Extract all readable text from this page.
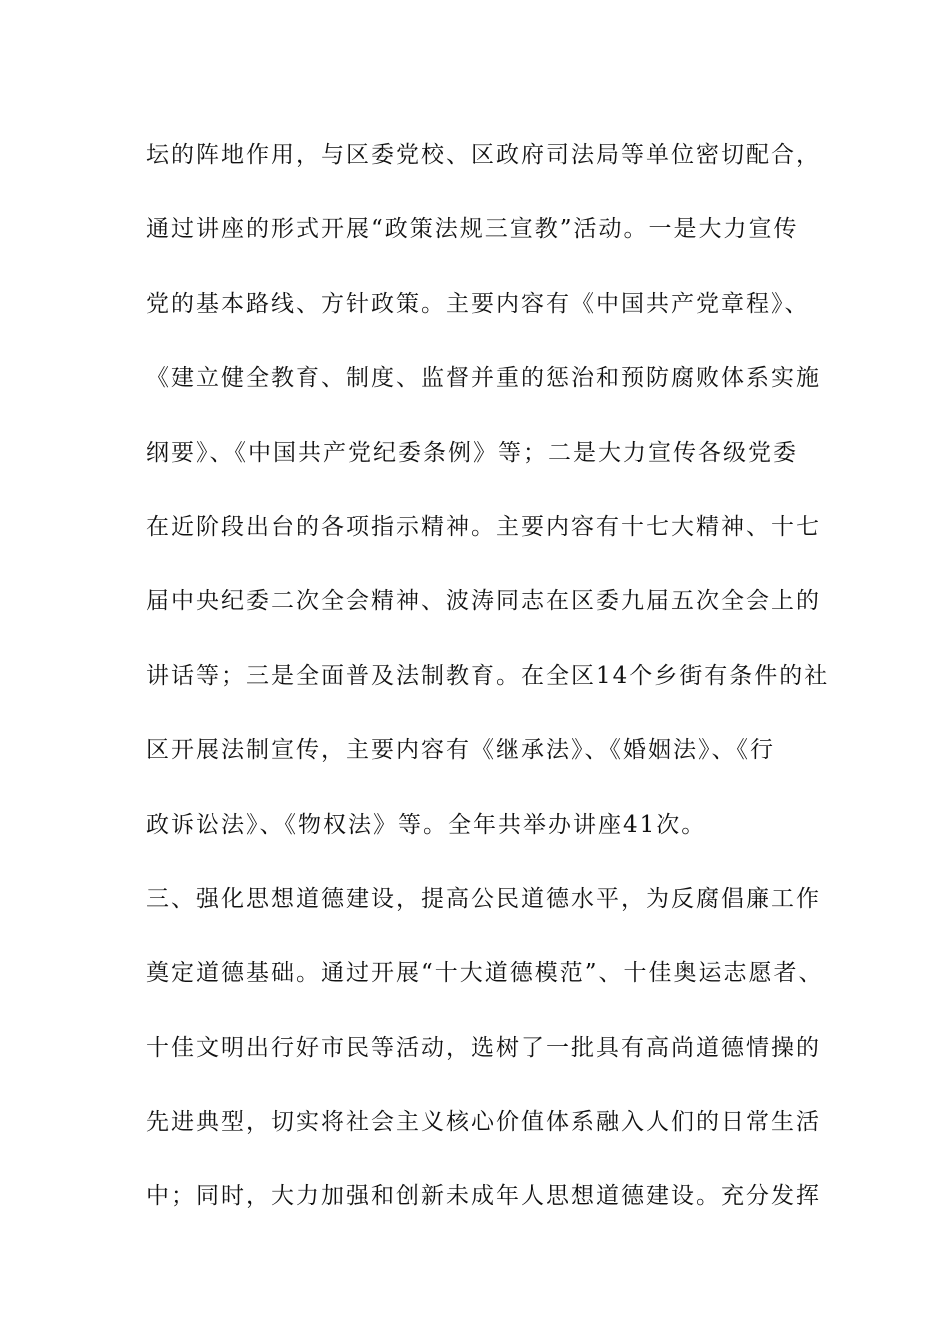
坛的阵地作用，与区委党校、区政府司法局等单位密切配合，
通过讲座的形式开展“政策法规三宣教”活动。一是大力宣传
党的基本路线、方针政策。主要内容有《中国共产党章程》、
《建立健全教育、制度、监督并重的惩治和预防腐败体系实施
纲要》、《中国共产党纪委条例》等；二是大力宣传各级党委
在近阶段出台的各项指示精神。主要内容有十七大精神、十七
届中央纪委二次全会精神、波涛同志在区委九届五次全会上的
讲话等；三是全面普及法制教育。在全区14个乡街有条件的社
区开展法制宣传，主要内容有《继承法》、《婚姻法》、《行
政诉讼法》、《物权法》等。全年共举办讲座41次。
三、强化思想道德建设，提高公民道德水平，为反腐倡廉工作
奠定道德基础。通过开展“十大道德模范”、十佳奥运志愿者、
十佳文明出行好市民等活动，选树了一批具有高尚道德情操的
先进典型，切实将社会主义核心价值体系融入人们的日常生活
中；同时，大力加强和创新未成年人思想道德建设。充分发挥
